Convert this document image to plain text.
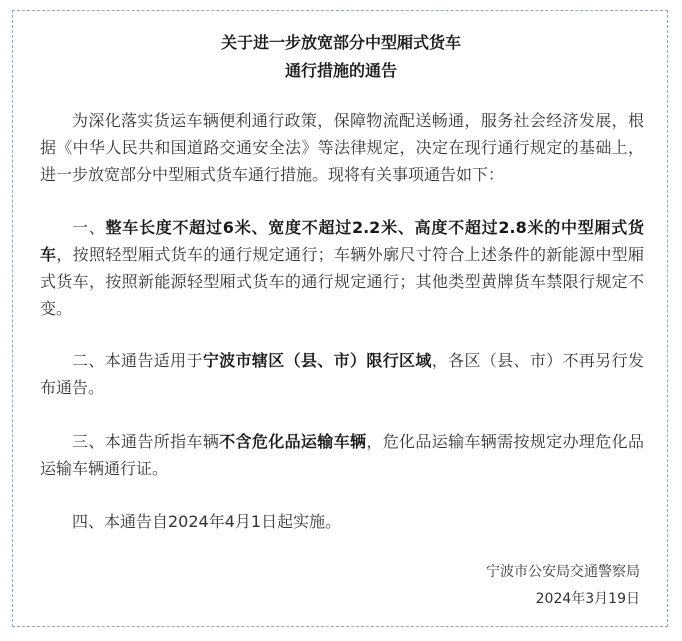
关于进一步放宽部分中型厢式货车
通行措施的通告

为深化落实货运车辆便利通行政策，保障物流配送畅通，服务社会经济发展，根据《中华人民共和国道路交通安全法》等法律规定，决定在现行通行规定的基础上，进一步放宽部分中型厢式货车通行措施。现将有关事项通告如下：

一、整车长度不超过6米、宽度不超过2.2米、高度不超过2.8米的中型厢式货车，按照轻型厢式货车的通行规定通行；车辆外廓尺寸符合上述条件的新能源中型厢式货车，按照新能源轻型厢式货车的通行规定通行；其他类型黄牌货车禁限行规定不变。

二、本通告适用于宁波市辖区（县、市）限行区域，各区（县、市）不再另行发布通告。

三、本通告所指车辆不含危化品运输车辆，危化品运输车辆需按规定办理危化品运输车辆通行证。

四、本通告自2024年4月1日起实施。

宁波市公安局交通警察局

2024年3月19日
